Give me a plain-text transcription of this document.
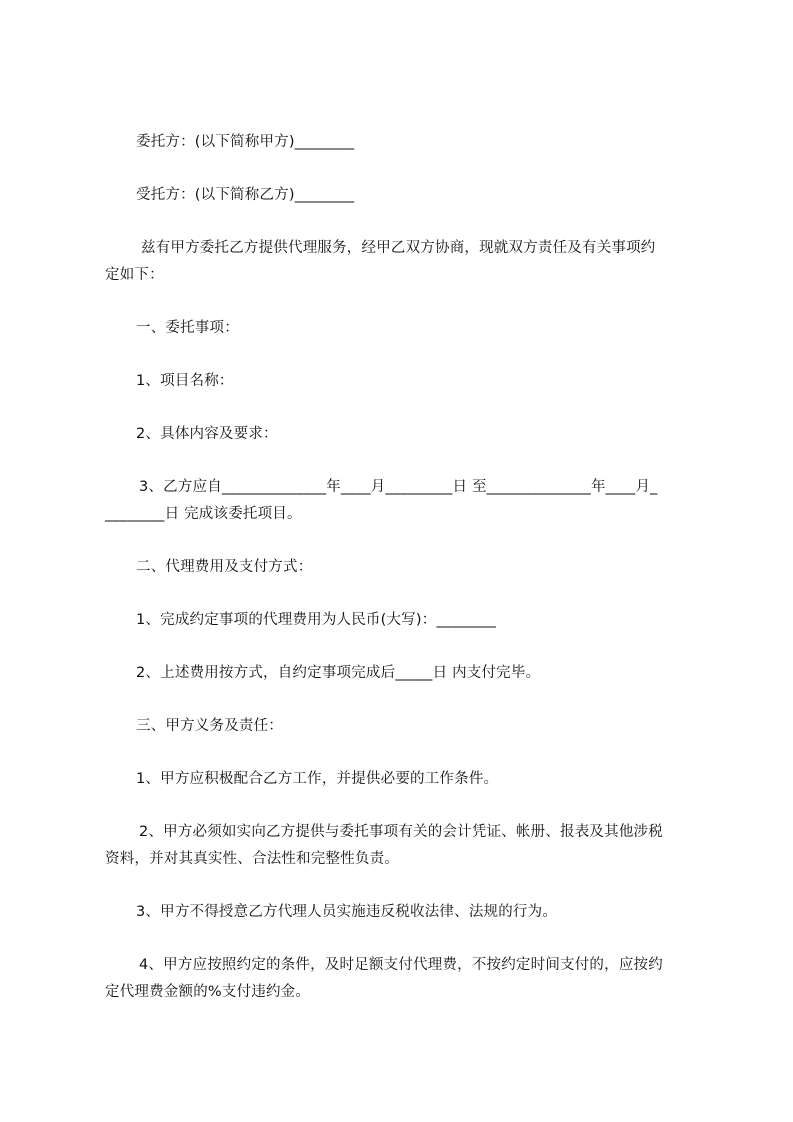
委托方：(以下简称甲方)________
受托方：(以下简称乙方)________
兹有甲方委托乙方提供代理服务，经甲乙双方协商，现就双方责任及有关事项约
定如下：
一、委托事项：
1、项目名称：
2、具体内容及要求：
3、乙方应自______________年____月_________日 至______________年____月_
________日 完成该委托项目。
二、代理费用及支付方式：
1、完成约定事项的代理费用为人民币(大写)：________
2、上述费用按方式，自约定事项完成后_____日 内支付完毕。
三、甲方义务及责任：
1、甲方应积极配合乙方工作，并提供必要的工作条件。
2、甲方必须如实向乙方提供与委托事项有关的会计凭证、帐册、报表及其他涉税
资料，并对其真实性、合法性和完整性负责。
3、甲方不得授意乙方代理人员实施违反税收法律、法规的行为。
4、甲方应按照约定的条件，及时足额支付代理费，不按约定时间支付的，应按约
定代理费金额的%支付违约金。
